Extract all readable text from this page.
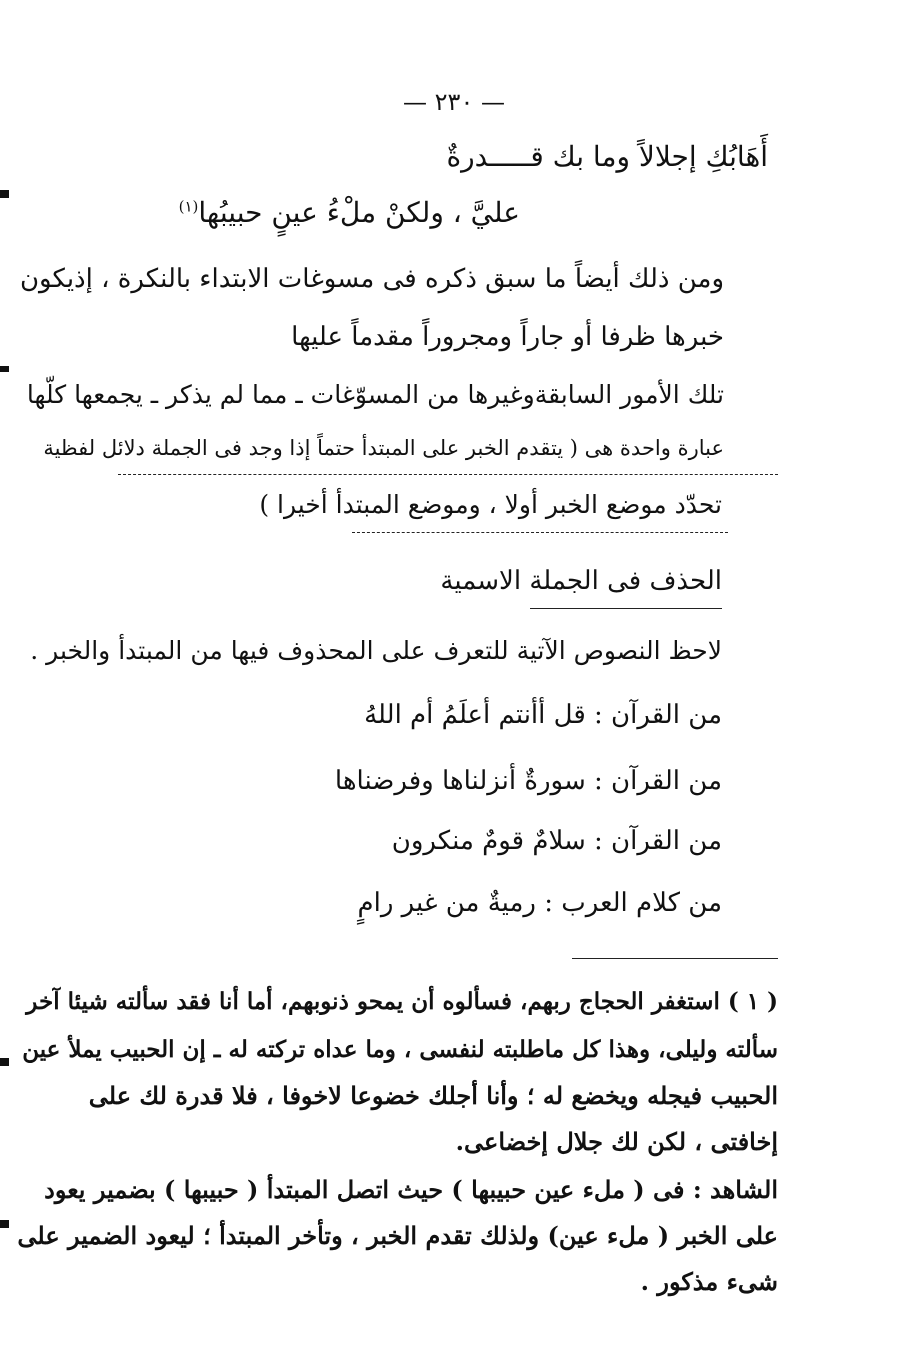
— ٢٣٠ —
أَهَابُكِ إجلالاً وما بك قـــــدرةٌ
عليَّ ، ولكنْ ملْءُ عينٍ حبيبُها$^{(١)}$
ومن ذلك أيضاً ما سبق ذكره فى مسوغات الابتداء بالنكرة ، إذيكون
خبرها ظرفا أو جاراً ومجروراً مقدماً عليها
تلك الأمور السابقةوغيرها من المسوّغات ـ مما لم يذكر ـ يجمعها كلّها
عبارة واحدة هى ( يتقدم الخبر على المبتدأ حتماً إذا وجد فى الجملة دلائل لفظية
تحدّد موضع الخبر أولا ، وموضع المبتدأ أخيرا )
الحذف فى الجملة الاسمية
لاحظ النصوص الآتية للتعرف على المحذوف فيها من المبتدأ والخبر .
من القرآن : قل أأنتم أعلَمُ أم اللهُ
من القرآن : سورةٌ أنزلناها وفرضناها
من القرآن : سلامٌ قومٌ منكرون
من كلام العرب : رميةٌ من غير رامٍ
( ١ ) استغفر الحجاج ربهم، فسألوه أن يمحو ذنوبهم، أما أنا فقد سألته شيئا آخر
سألته وليلى، وهذا كل ماطلبته لنفسى ، وما عداه تركته له ـ إن الحبيب يملأ عين
الحبيب فيجله ويخضع له ؛ وأنا أجلك خضوعا لاخوفا ، فلا قدرة لك على
إخافتى ، لكن لك جلال إخضاعى.
الشاهد : فى ( ملء عين حبيبها ) حيث اتصل المبتدأ ( حبيبها ) بضمير يعود
على الخبر ( ملء عين) ولذلك تقدم الخبر ، وتأخر المبتدأ ؛ ليعود الضمير على
شىء مذكور .
